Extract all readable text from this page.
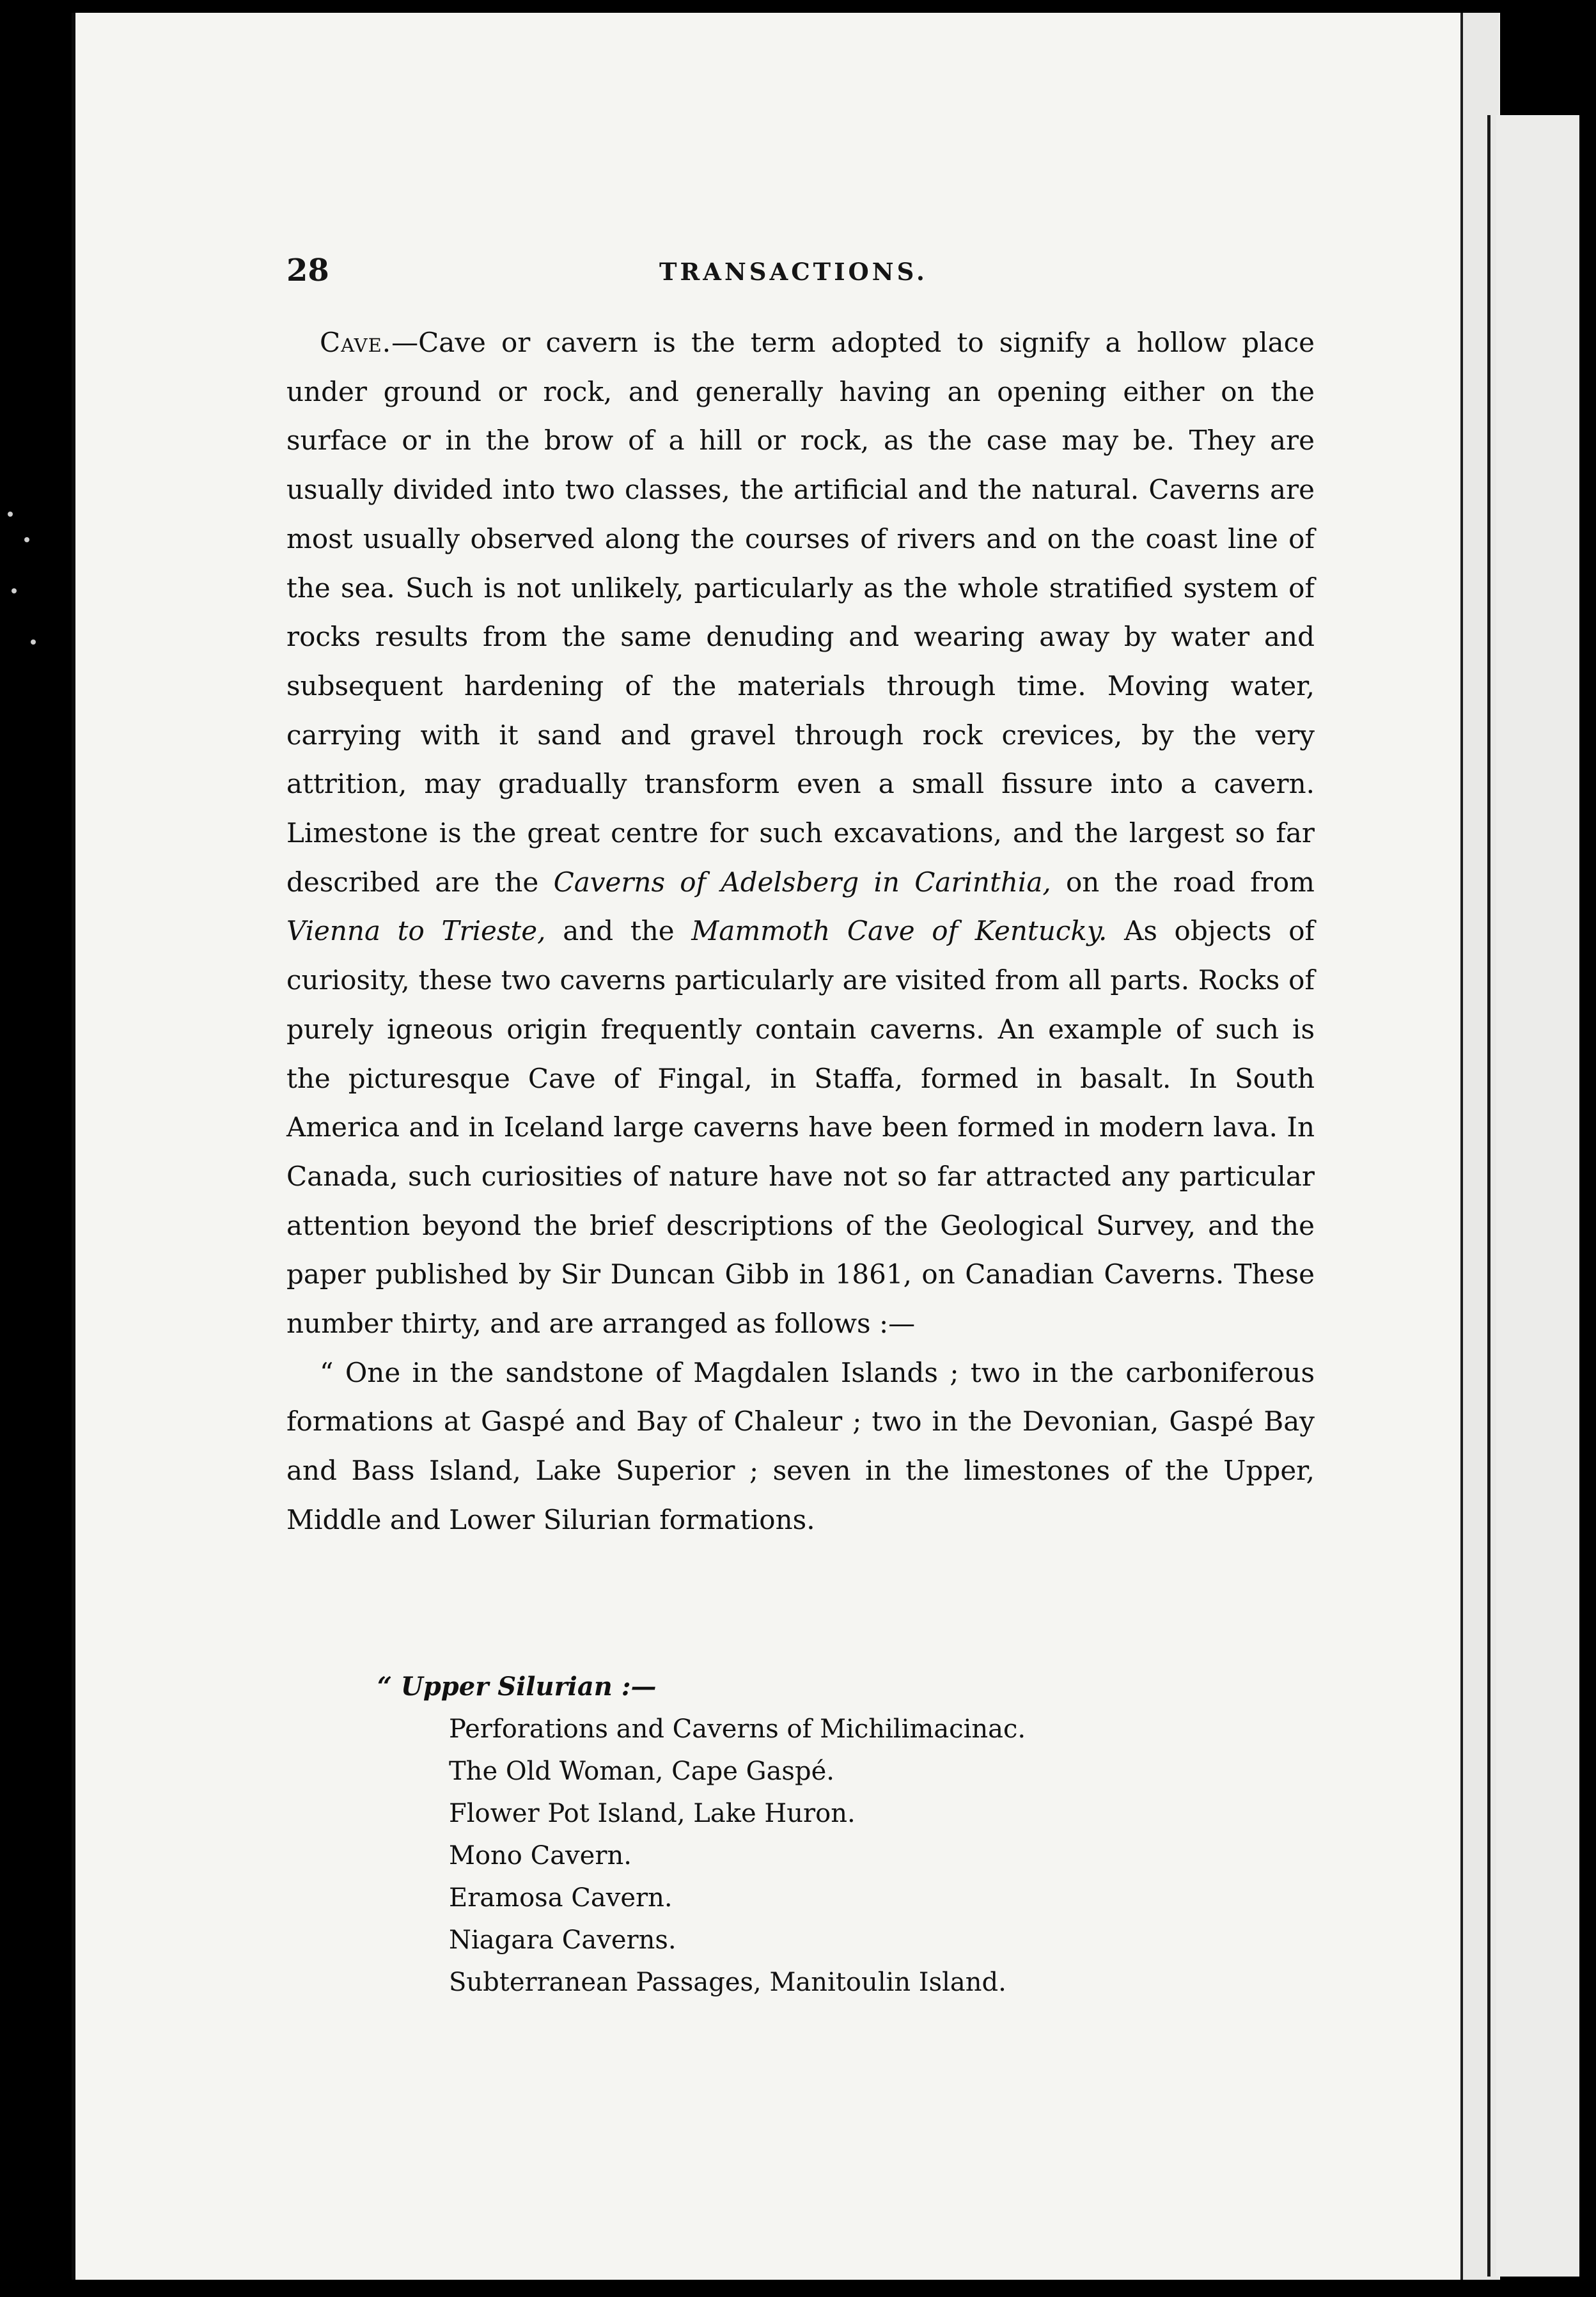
28	TRANSACTIONS.

Cave.—Cave or cavern is the term adopted to signify a hollow place under ground or rock, and generally having an opening either on the surface or in the brow of a hill or rock, as the case may be. They are usually divided into two classes, the artificial and the natural. Caverns are most usually observed along the courses of rivers and on the coast line of the sea. Such is not unlikely, particularly as the whole stratified system of rocks results from the same denuding and wearing away by water and subsequent hardening of the materials through time. Moving water, carrying with it sand and gravel through rock crevices, by the very attrition, may gradually transform even a small fissure into a cavern. Limestone is the great centre for such excavations, and the largest so far described are the Caverns of Adelsberg in Carinthia, on the road from Vienna to Trieste, and the Mammoth Cave of Kentucky. As objects of curiosity, these two caverns particularly are visited from all parts. Rocks of purely igneous origin frequently contain caverns. An example of such is the picturesque Cave of Fingal, in Staffa, formed in basalt. In South America and in Iceland large caverns have been formed in modern lava. In Canada, such curiosities of nature have not so far attracted any particular attention beyond the brief descriptions of the Geological Survey, and the paper published by Sir Duncan Gibb in 1861, on Canadian Caverns. These number thirty, and are arranged as follows :—

“ One in the sandstone of Magdalen Islands ; two in the carboniferous formations at Gaspé and Bay of Chaleur ; two in the Devonian, Gaspé Bay and Bass Island, Lake Superior ; seven in the limestones of the Upper, Middle and Lower Silurian formations.

“ Upper Silurian :—
Perforations and Caverns of Michilimacinac.
The Old Woman, Cape Gaspé.
Flower Pot Island, Lake Huron.
Mono Cavern.
Eramosa Cavern.
Niagara Caverns.
Subterranean Passages, Manitoulin Island.
